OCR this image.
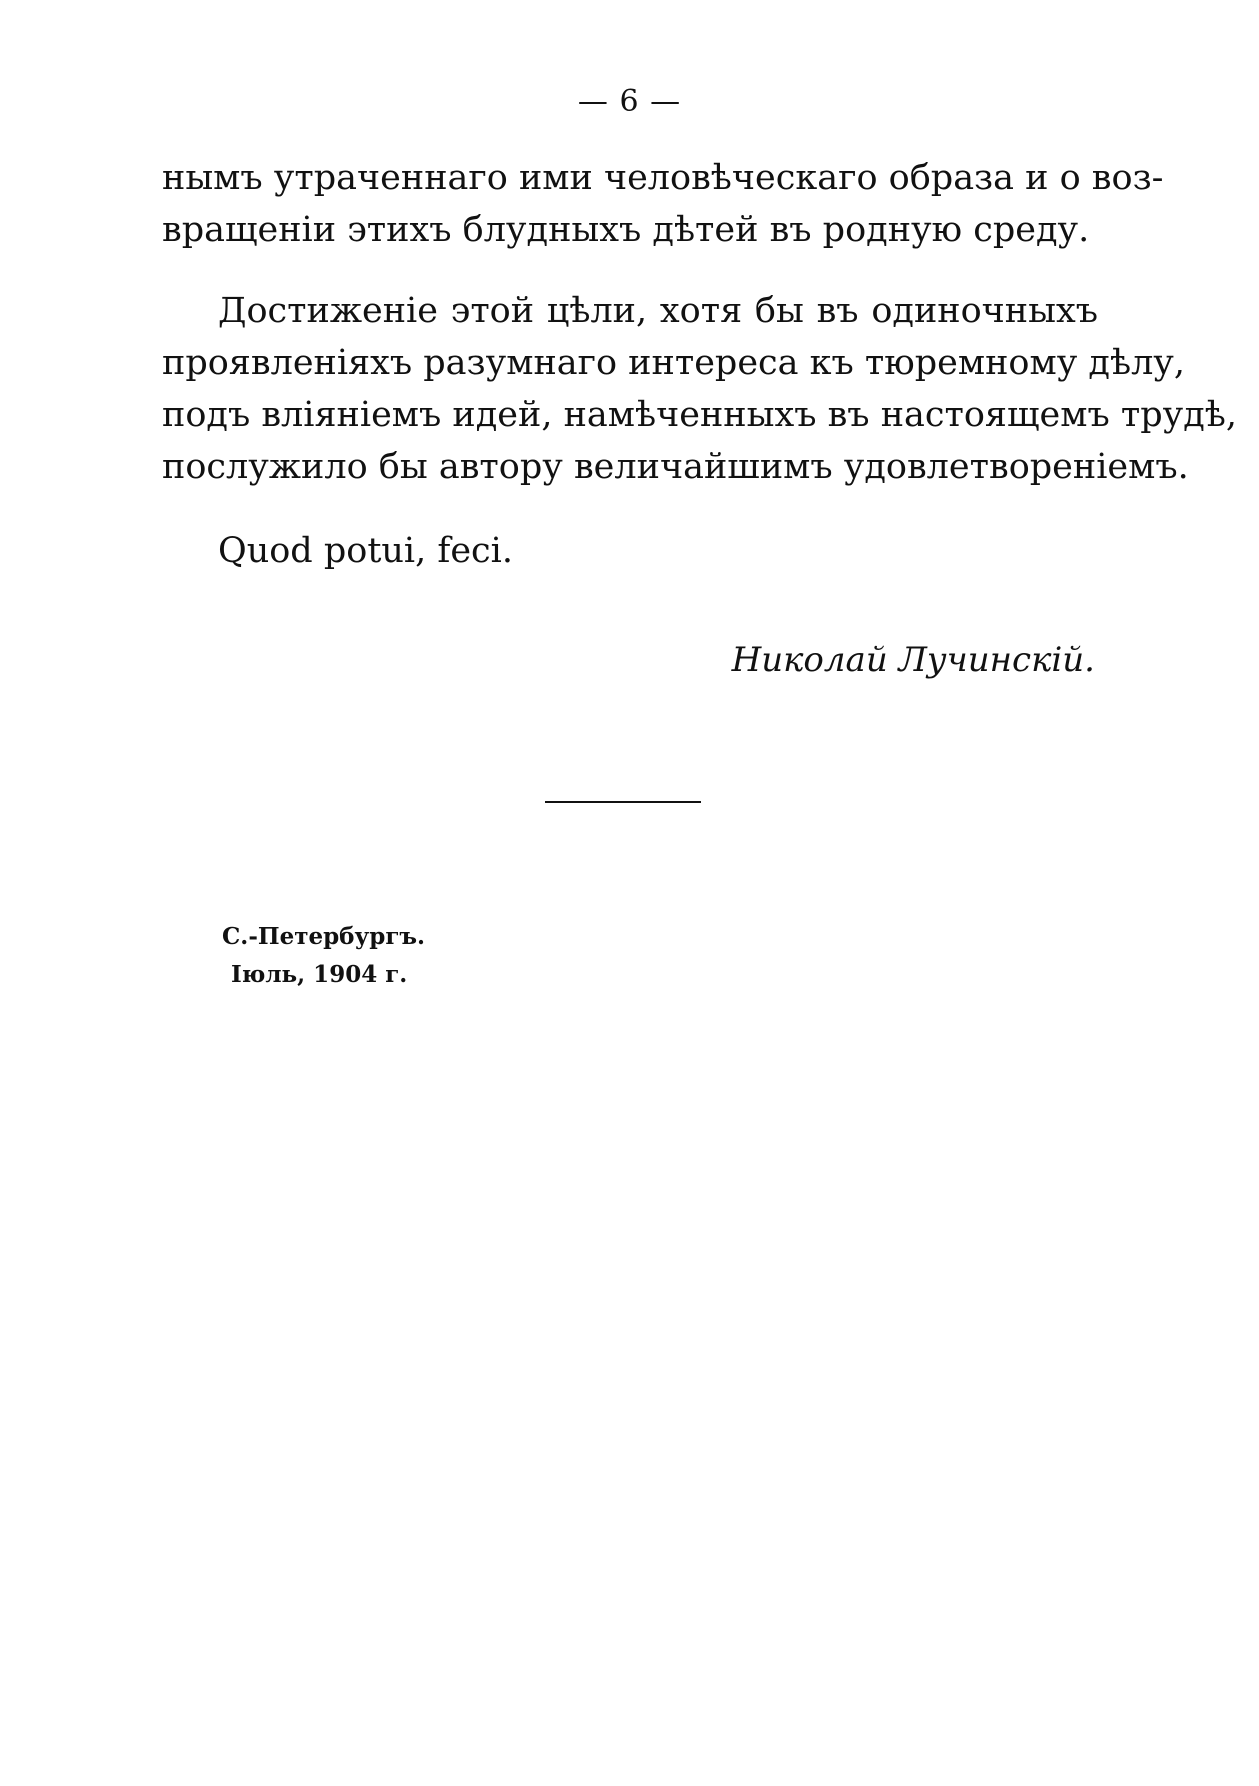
— 6 —
нымъ утраченнаго ими человѣческаго образа и о воз-
вращеніи этихъ блудныхъ дѣтей въ родную среду.
Достиженіе этой цѣли, хотя бы въ одиночныхъ
проявленіяхъ разумнаго интереса къ тюремному дѣлу,
подъ вліяніемъ идей, намѣченныхъ въ настоящемъ трудѣ,
послужило бы автору величайшимъ удовлетвореніемъ.
Quod potui, feci.
Николай Лучинскій.
С.-Петербургъ.
Іюль, 1904 г.
